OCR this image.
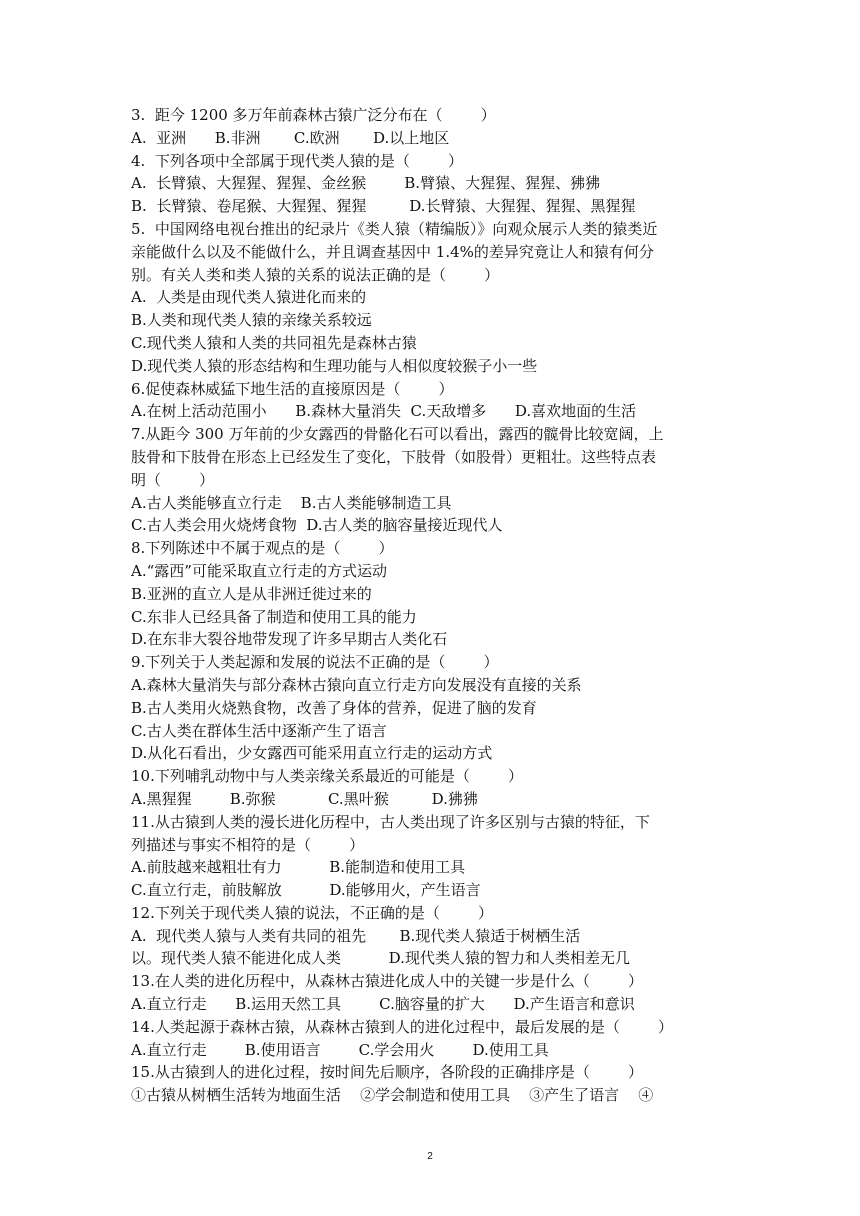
3.  距今 1200 多万年前森林古猿广泛分布在（        ）
A.  亚洲      B.非洲       C.欧洲       D.以上地区
4.  下列各项中全部属于现代类人猿的是（        ）
A.  长臂猿、大猩猩、猩猩、金丝猴        B.臂猿、大猩猩、猩猩、狒狒
B.  长臂猿、卷尾猴、大猩猩、猩猩         D.长臂猿、大猩猩、猩猩、黑猩猩
5.  中国网络电视台推出的纪录片《类人猿（精编版）》向观众展示人类的猿类近
亲能做什么以及不能做什么，并且调查基因中 1.4%的差异究竟让人和猿有何分
别。有关人类和类人猿的关系的说法正确的是（        ）
A.  人类是由现代类人猿进化而来的
B.人类和现代类人猿的亲缘关系较远
C.现代类人猿和人类的共同祖先是森林古猿
D.现代类人猿的形态结构和生理功能与人相似度较猴子小一些
6.促使森林威猛下地生活的直接原因是（        ）
A.在树上活动范围小      B.森林大量消失  C.天敌增多      D.喜欢地面的生活
7.从距今 300 万年前的少女露西的骨骼化石可以看出，露西的髋骨比较宽阔，上
肢骨和下肢骨在形态上已经发生了变化，下肢骨（如股骨）更粗壮。这些特点表
明（        ）
A.古人类能够直立行走    B.古人类能够制造工具
C.古人类会用火烧烤食物  D.古人类的脑容量接近现代人
8.下列陈述中不属于观点的是（        ）
A.“露西”可能采取直立行走的方式运动
B.亚洲的直立人是从非洲迁徙过来的
C.东非人已经具备了制造和使用工具的能力
D.在东非大裂谷地带发现了许多早期古人类化石
9.下列关于人类起源和发展的说法不正确的是（        ）
A.森林大量消失与部分森林古猿向直立行走方向发展没有直接的关系
B.古人类用火烧熟食物，改善了身体的营养，促进了脑的发育
C.古人类在群体生活中逐渐产生了语言
D.从化石看出，少女露西可能采用直立行走的运动方式
10.下列哺乳动物中与人类亲缘关系最近的可能是（        ）
A.黑猩猩        B.弥猴           C.黑叶猴         D.狒狒
11.从古猿到人类的漫长进化历程中，古人类出现了许多区别与古猿的特征，下
列描述与事实不相符的是（        ）
A.前肢越来越粗壮有力          B.能制造和使用工具
C.直立行走，前肢解放          D.能够用火，产生语言
12.下列关于现代类人猿的说法，不正确的是（        ）
A.  现代类人猿与人类有共同的祖先       B.现代类人猿适于树栖生活
以。现代类人猿不能进化成人类          D.现代类人猿的智力和人类相差无几
13.在人类的进化历程中，从森林古猿进化成人中的关键一步是什么（        ）
A.直立行走      B.运用天然工具        C.脑容量的扩大      D.产生语言和意识
14.人类起源于森林古猿，从森林古猿到人的进化过程中，最后发展的是（        ）
A.直立行走        B.使用语言        C.学会用火        D.使用工具
15.从古猿到人的进化过程，按时间先后顺序，各阶段的正确排序是（        ）
①古猿从树栖生活转为地面生活    ②学会制造和使用工具    ③产生了语言    ④
2
